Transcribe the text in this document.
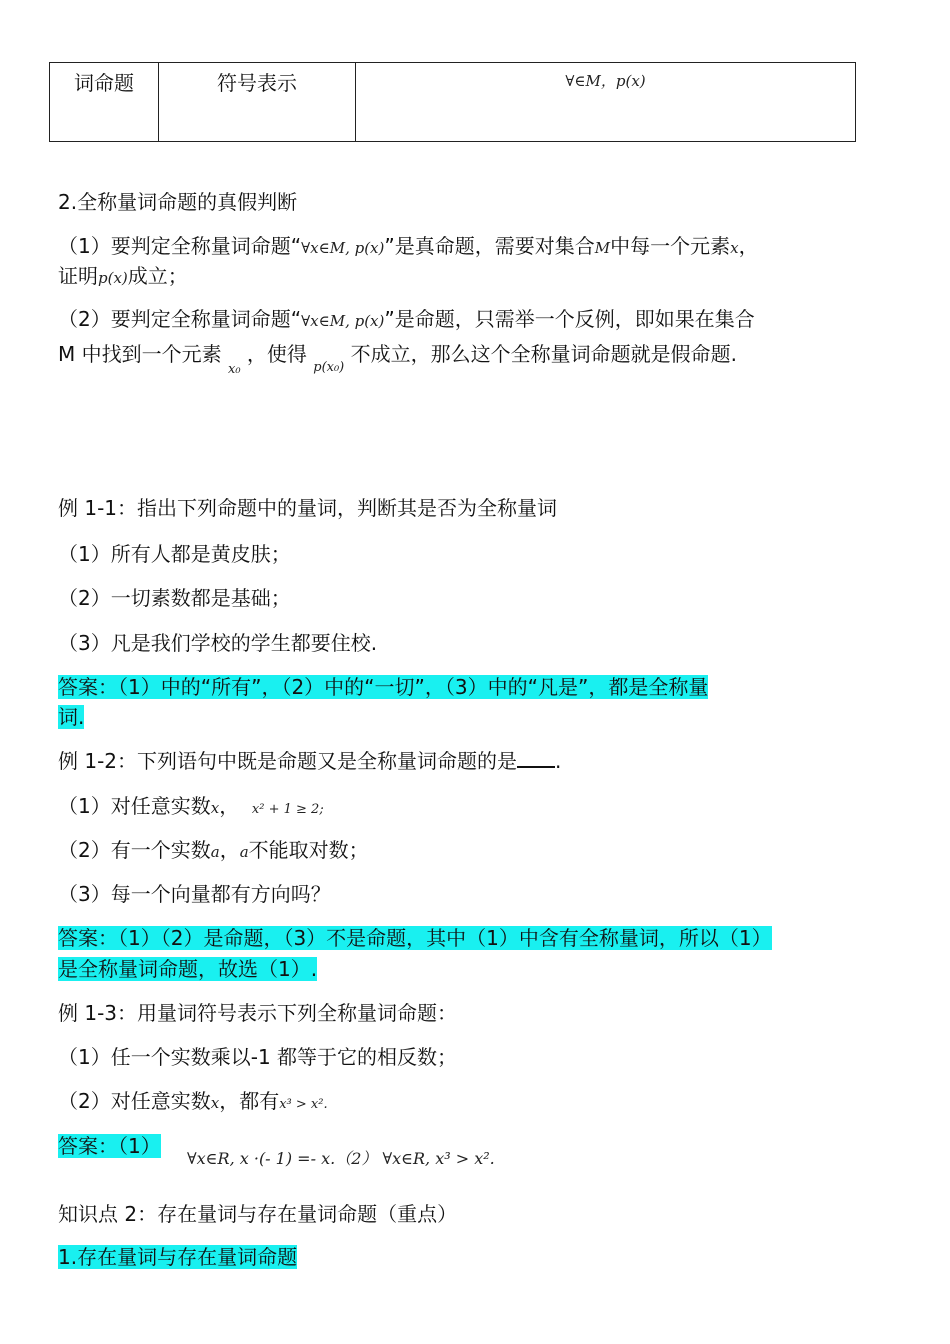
词命题	符号表示	∀∈M，p(x)
2.全称量词命题的真假判断
（1）要判定全称量词命题“∀x∈M, p(x)”是真命题，需要对集合M中每一个元素x，
证明p(x)成立；
（2）要判定全称量词命题“∀x∈M, p(x)”是命题，只需举一个反例，即如果在集合
M 中找到一个元素 $_{x_0}$ ，使得 $_{p(x_0)}$ 不成立，那么这个全称量词命题就是假命题.
例 1-1：指出下列命题中的量词，判断其是否为全称量词
（1）所有人都是黄皮肤；
（2）一切素数都是基础；
（3）凡是我们学校的学生都要住校.
答案：（1）中的“所有”，（2）中的“一切”，（3）中的“凡是”，都是全称量
词.
例 1-2：下列语句中既是命题又是全称量词命题的是 .
（1）对任意实数x， x² + 1 ≥ 2;
（2）有一个实数a，a不能取对数；
（3）每一个向量都有方向吗？
答案：（1）（2）是命题，（3）不是命题，其中（1）中含有全称量词，所以（1）
是全称量词命题，故选（1）.
例 1-3：用量词符号表示下列全称量词命题：
（1）任一个实数乘以-1 都等于它的相反数；
（2）对任意实数x，都有x³ > x².
答案：（1）
∀x∈R, x ·(- 1) =- x.（2） ∀x∈R, x³ > x².
知识点 2：存在量词与存在量词命题（重点）
1.存在量词与存在量词命题
